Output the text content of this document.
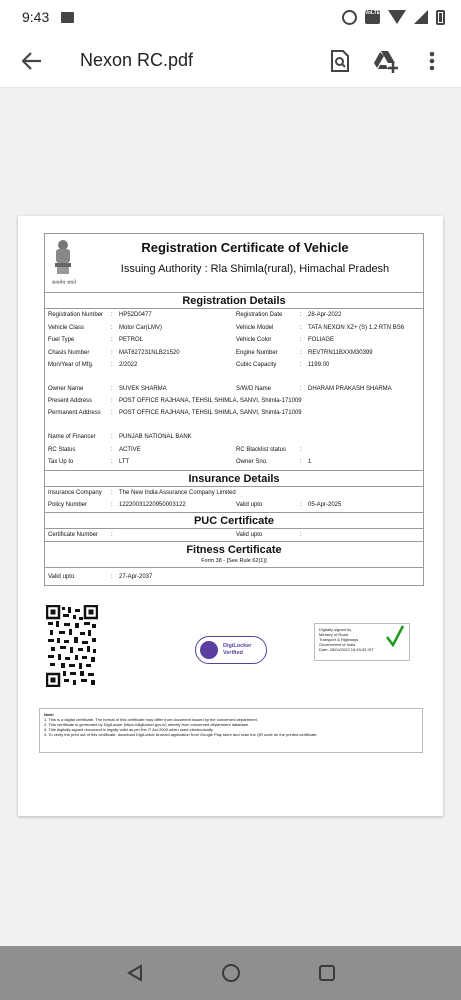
9:43	VoLTE
Nexon RC.pdf
सत्यमेव जयते
Registration Certificate of Vehicle
Issuing Authority : Rla Shimla(rural), Himachal Pradesh
Registration Details
Registration Number :	HP52D0477	Registration Date	:	28-Apr-2022
Vehicle Class	:	Motor Car(LMV)	Vehicle Model	:	TATA NEXON XZ+ (S) 1.2 RTN BS6
Fuel Type	:	PETROL	Vehicle Color	:	FOLIAGE
Chasis Number	:	MAT627231NLB21520	Engine Number	:	REVTRN11BXXM30399
Mon/Year of Mfg.	:	2/2022	Cubic Capacity	:	1199.00
Owner Name	:	SUVEK SHARMA	S/W/D Name	:	DHARAM PRAKASH SHARMA
Present Address	:	POST OFFICE RAJHANA, TEHSIL SHIMLA, SANVI, Shimla-171009
Permanent Address :	POST OFFICE RAJHANA, TEHSIL SHIMLA, SANVI, Shimla-171009
Name of Financer	:	PUNJAB NATIONAL BANK
RC Status	:	ACTIVE	RC Blacklist status :
Tax Up to	:	LTT	Owner Sno.	:	1
Insurance Details
Insurance Company :	The New India Assurance Company Limited
Policy Number	:	12220031220950003122	Valid upto	:	05-Apr-2025
PUC Certificate
Certificate Number :	Valid upto	:
Fitness Certificate
Form 38 - [See Rule 62(1)]
Valid upto	:	27-Apr-2037
DigiLocker
Verified
Digitally signed by
Ministry of Road
Transport & Highways
Government of India
Date: 28/04/2022 16:49:33 IST
Note:
1. This is a digital certificate. The format of this certificate may differ from document issued by the concerned department.
2. This certificate is generated by DigiLocker (https://digilocker.gov.in) directly from concerned department database.
3. This digitally signed document is legally valid as per the IT Act 2000 when used electronically.
4. To verify the print out of this certificate, download DigiLocker Android application from Google Play store and scan the QR code on the printed certificate.
